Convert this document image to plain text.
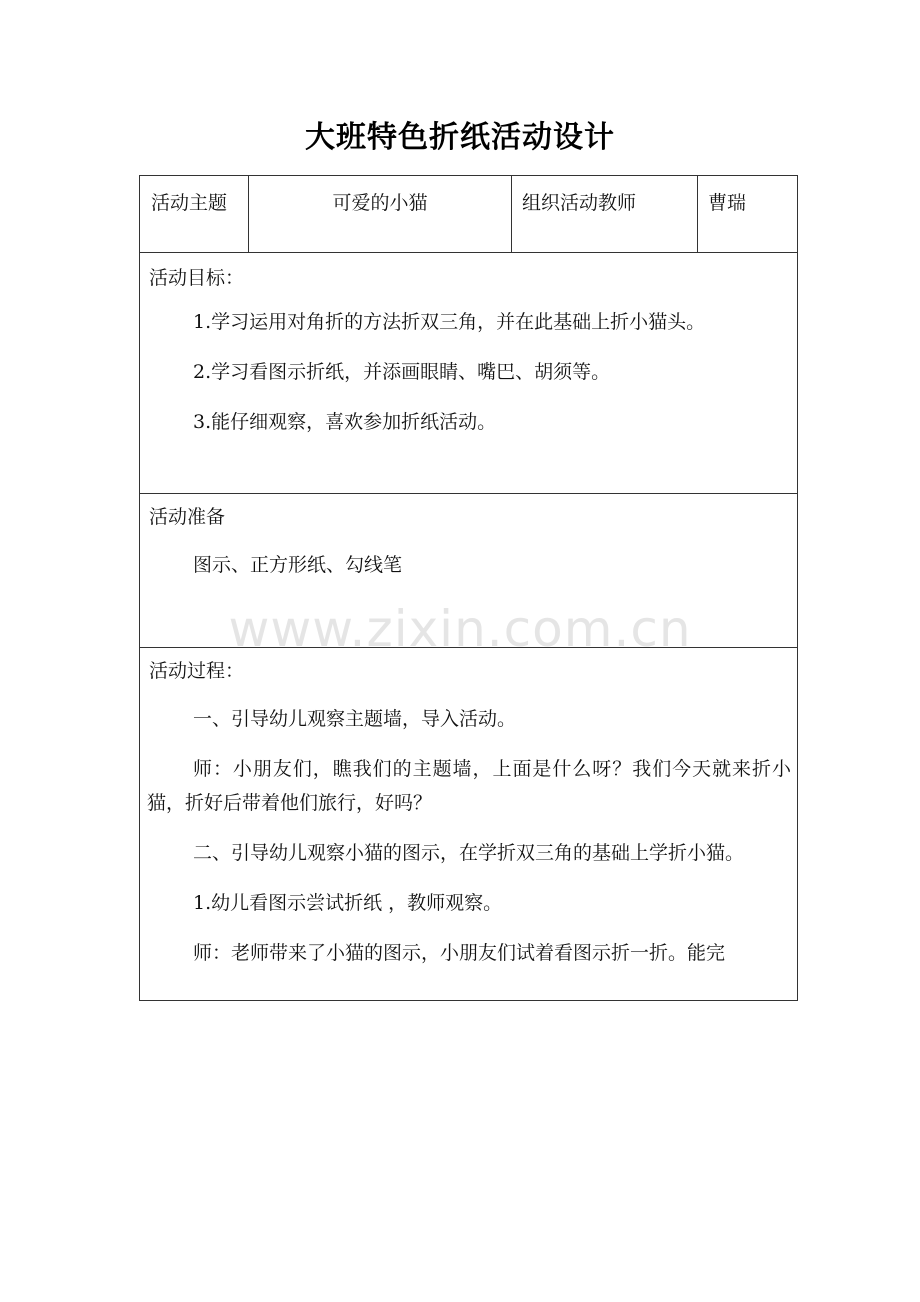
大班特色折纸活动设计
活动主题	可爱的小猫	组织活动教师	曹瑞

活动目标：

1.学习运用对角折的方法折双三角，并在此基础上折小猫头。

2.学习看图示折纸，并添画眼睛、嘴巴、胡须等。

3.能仔细观察，喜欢参加折纸活动。

活动准备

图示、正方形纸、勾线笔

活动过程：

一、引导幼儿观察主题墙，导入活动。

师：小朋友们，瞧我们的主题墙，上面是什么呀？我们今天就来折小猫，折好后带着他们旅行，好吗？

二、引导幼儿观察小猫的图示，在学折双三角的基础上学折小猫。

1.幼儿看图示尝试折纸 ，教师观察。

师：老师带来了小猫的图示，小朋友们试着看图示折一折。能完

www.zixin.com.cn
